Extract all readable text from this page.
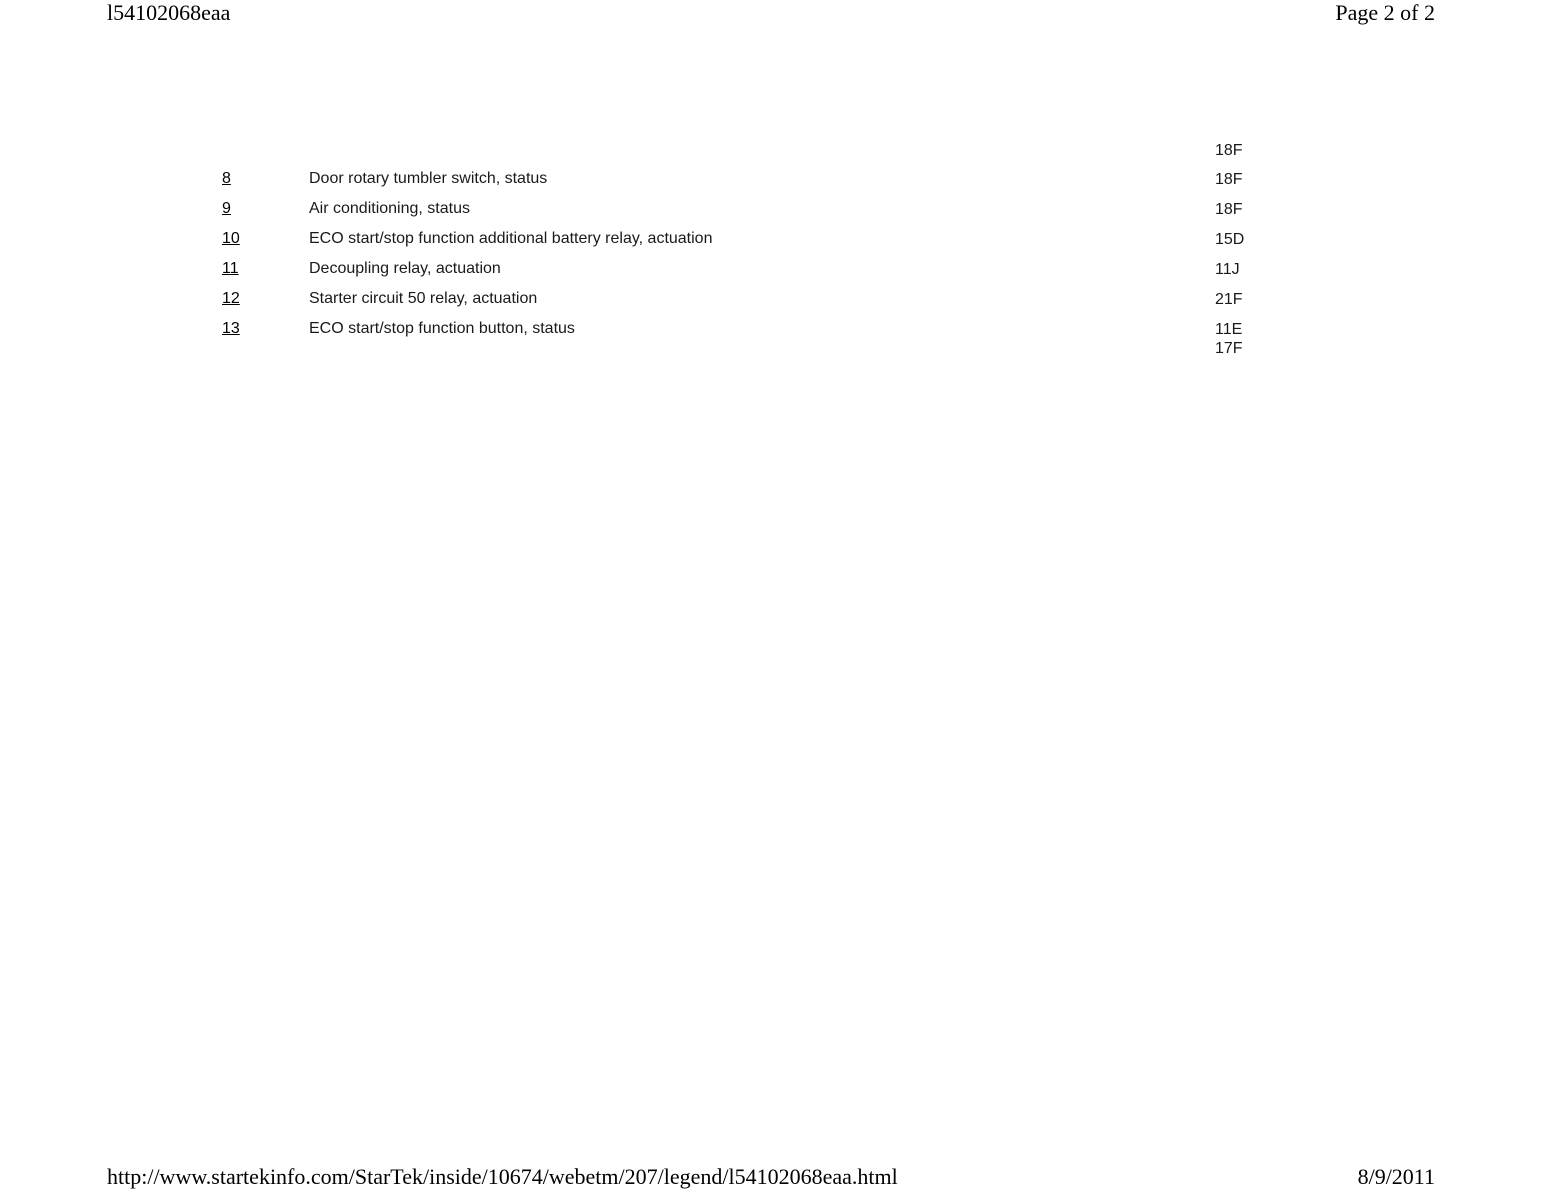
l54102068eaa	Page 2 of 2
18F
8	Door rotary tumbler switch, status	18F
9	Air conditioning, status	18F
10	ECO start/stop function additional battery relay, actuation	15D
11	Decoupling relay, actuation	11J
12	Starter circuit 50 relay, actuation	21F
13	ECO start/stop function button, status	11E
17F
http://www.startekinfo.com/StarTek/inside/10674/webetm/207/legend/l54102068eaa.html	8/9/2011
